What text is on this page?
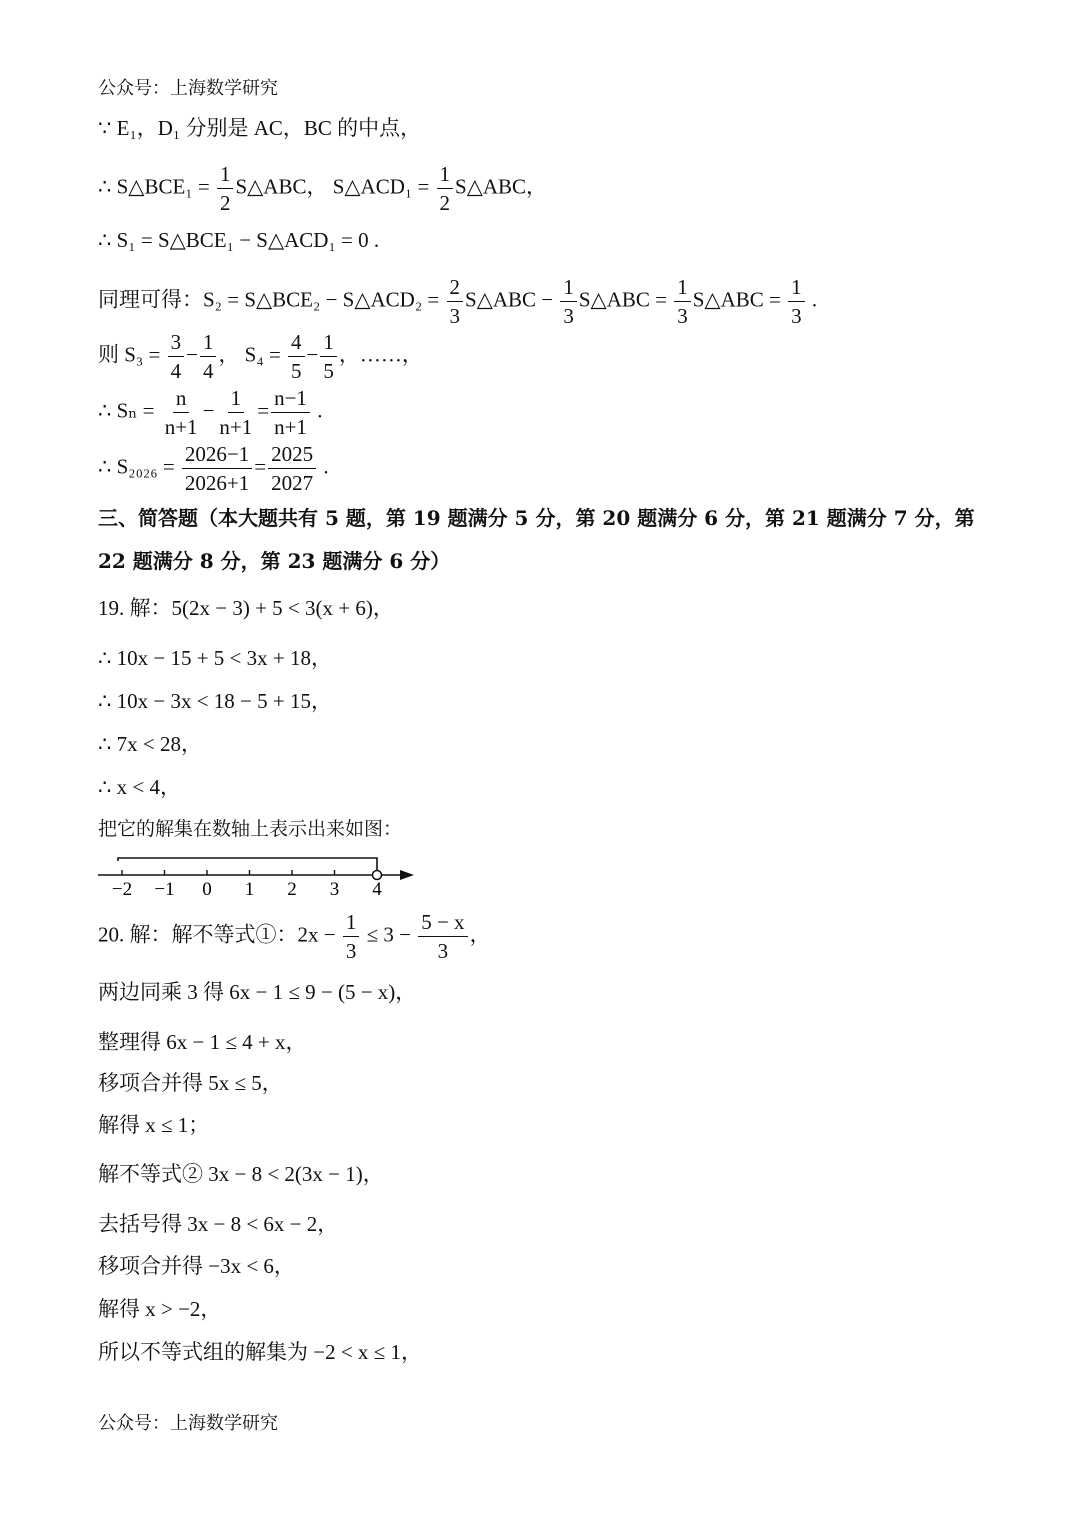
公众号：上海数学研究
∵ E₁，D₁ 分别是 AC，BC 的中点，
∴ S△BCE₁ = $\frac{1}{2}$ S△ABC， S△ACD₁ = $\frac{1}{2}$ S△ABC，
∴ S₁ = S△BCE₁ − S△ACD₁ = 0 .
同理可得：S₂ = S△BCE₂ − S△ACD₂ = $\frac{2}{3}$ S△ABC − $\frac{1}{3}$ S△ABC = $\frac{1}{3}$ S△ABC = $\frac{1}{3}$ .
则 $S_3 = \frac{3}{4} - \frac{1}{4}$ ， $S_4 = \frac{4}{5} - \frac{1}{5}$ ，……，
∴ $S_n = \frac{n}{n+1} - \frac{1}{n+1} = \frac{n-1}{n+1}$ .
∴ $S_{2026} = \frac{2026-1}{2026+1} = \frac{2025}{2027}$ .
三、简答题（本大题共有 5 题，第 19 题满分 5 分，第 20 题满分 6 分，第 21 题满分 7 分，第
22 题满分 8 分，第 23 题满分 6 分）
19. 解：5(2x − 3) + 5 < 3(x + 6)，
∴ 10x − 15 + 5 < 3x + 18，
∴ 10x − 3x < 18 − 5 + 15，
∴ 7x < 28，
∴ x < 4，
把它的解集在数轴上表示出来如图：
−2 −1 0 1 2 3 4
20. 解：解不等式①：$2x - \frac{1}{3} \le 3 - \frac{5 - x}{3}$ ，
两边同乘 3 得 6x − 1 ≤ 9 − (5 − x)，
整理得 6x − 1 ≤ 4 + x，
移项合并得 5x ≤ 5，
解得 x ≤ 1；
解不等式② 3x − 8 < 2(3x − 1)，
去括号得 3x − 8 < 6x − 2，
移项合并得 −3x < 6，
解得 x > −2，
所以不等式组的解集为 −2 < x ≤ 1，
公众号：上海数学研究
